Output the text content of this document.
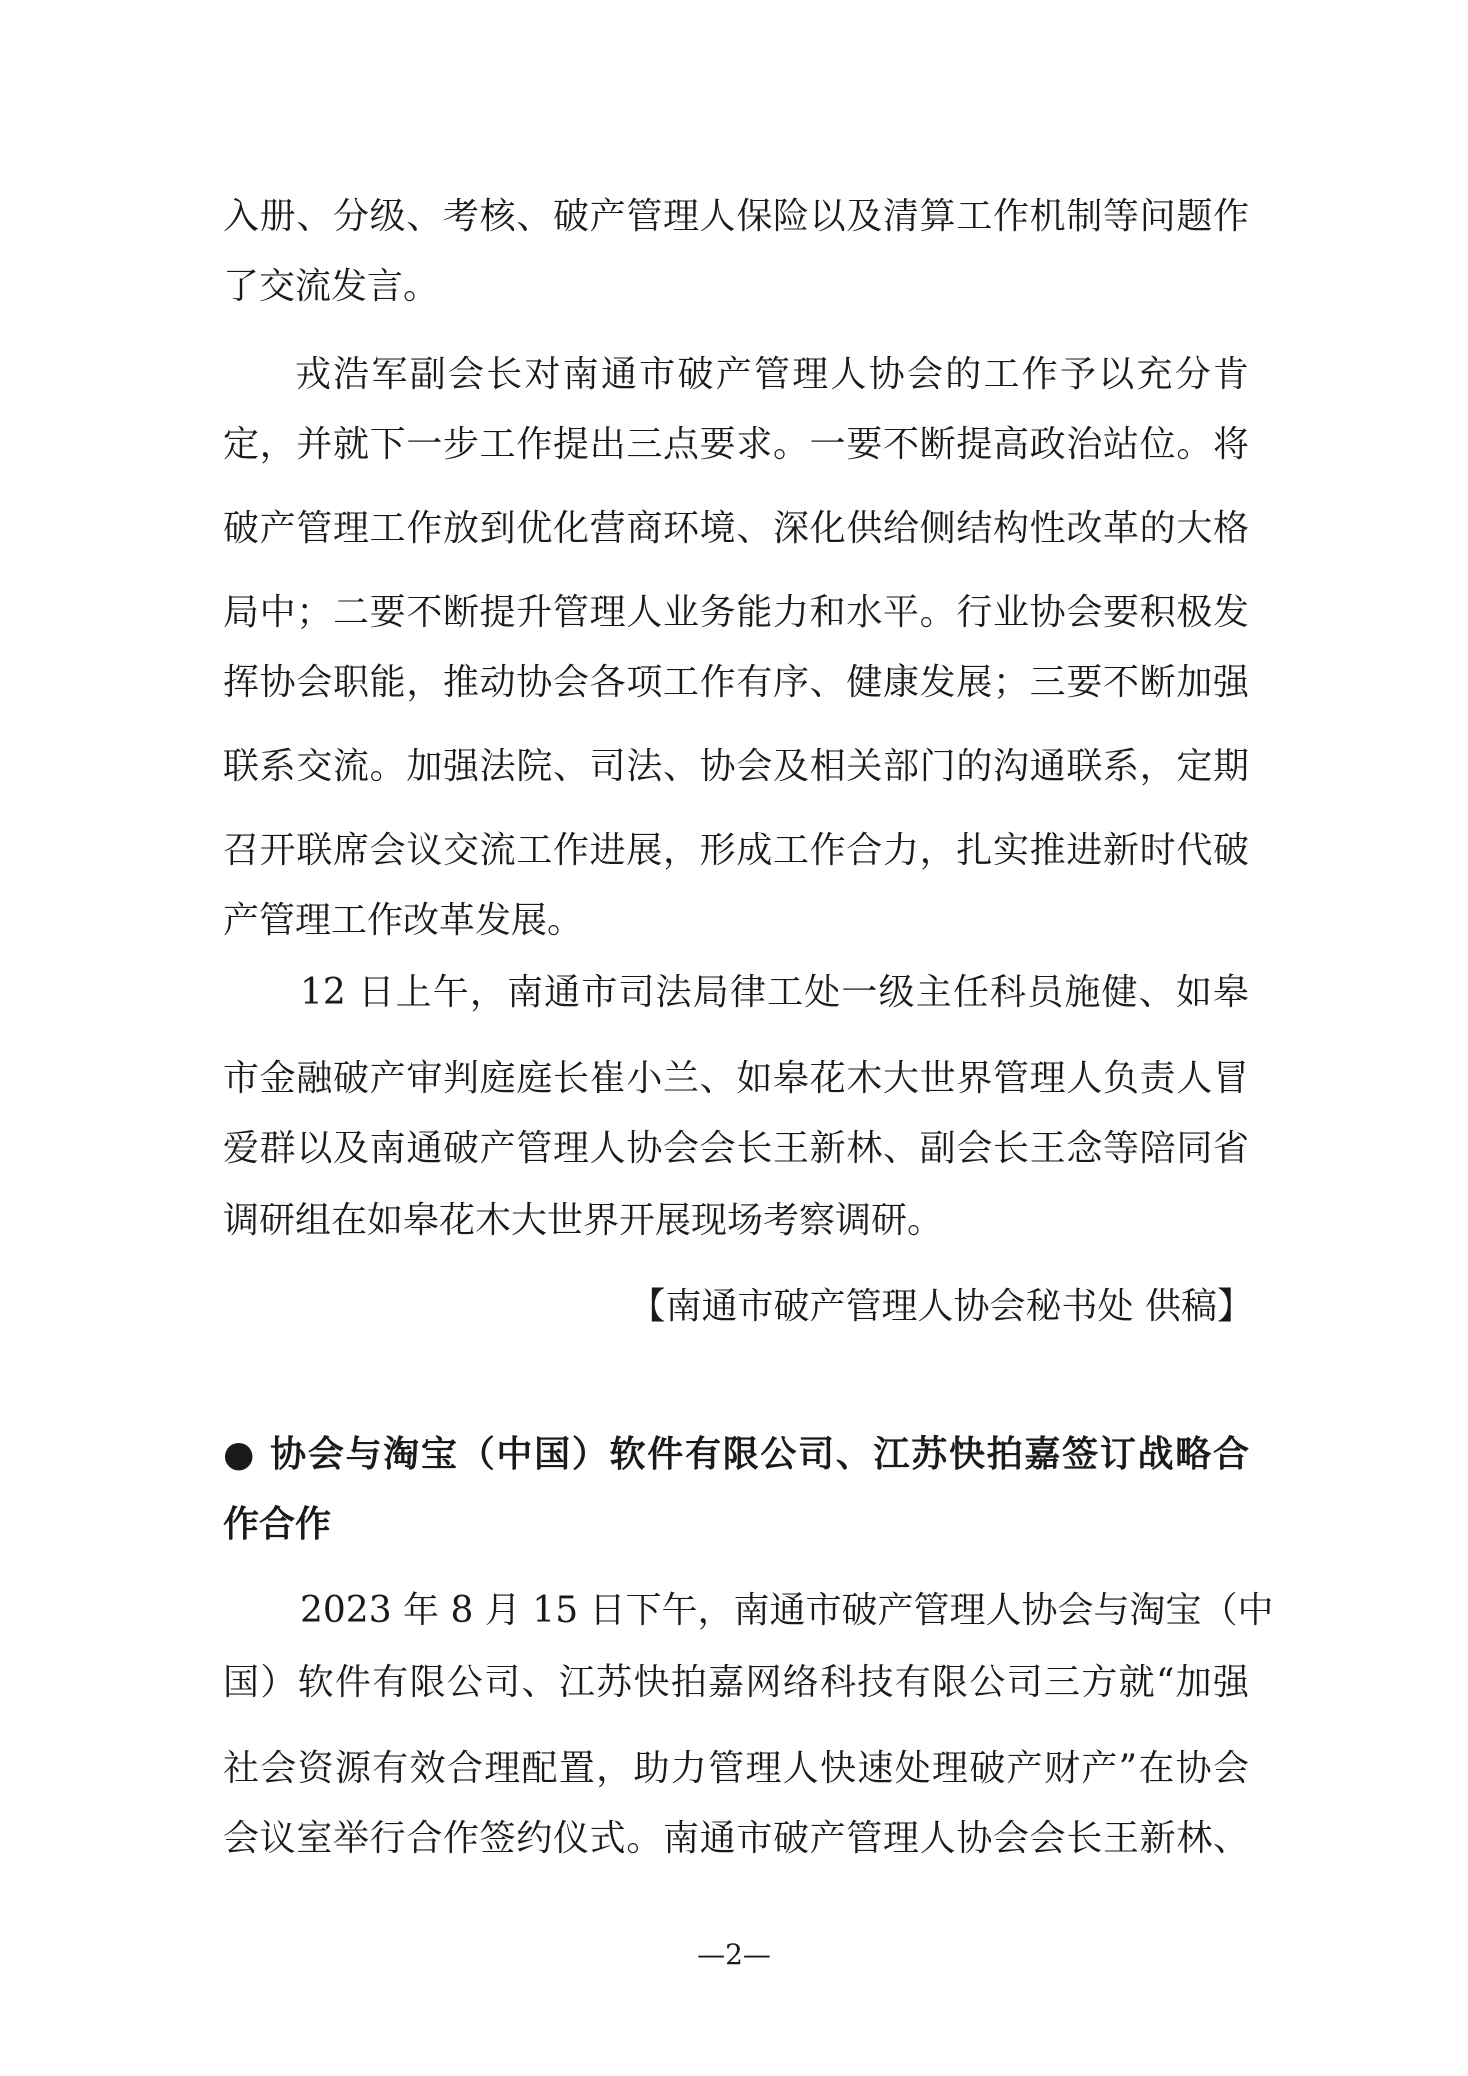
入册、分级、考核、破产管理人保险以及清算工作机制等问题作
了交流发言。
戎浩军副会长对南通市破产管理人协会的工作予以充分肯
定，并就下一步工作提出三点要求。一要不断提高政治站位。将
破产管理工作放到优化营商环境、深化供给侧结构性改革的大格
局中；二要不断提升管理人业务能力和水平。行业协会要积极发
挥协会职能，推动协会各项工作有序、健康发展；三要不断加强
联系交流。加强法院、司法、协会及相关部门的沟通联系，定期
召开联席会议交流工作进展，形成工作合力，扎实推进新时代破
产管理工作改革发展。
12 日上午，南通市司法局律工处一级主任科员施健、如皋
市金融破产审判庭庭长崔小兰、如皋花木大世界管理人负责人冒
爱群以及南通破产管理人协会会长王新林、副会长王念等陪同省
调研组在如皋花木大世界开展现场考察调研。
【南通市破产管理人协会秘书处 供稿】
● 协会与淘宝（中国）软件有限公司、江苏快拍嘉签订战略合
作合作
2023 年 8 月 15 日下午，南通市破产管理人协会与淘宝（中
国）软件有限公司、江苏快拍嘉网络科技有限公司三方就“加强
社会资源有效合理配置，助力管理人快速处理破产财产”在协会
会议室举行合作签约仪式。南通市破产管理人协会会长王新林、
—2—
